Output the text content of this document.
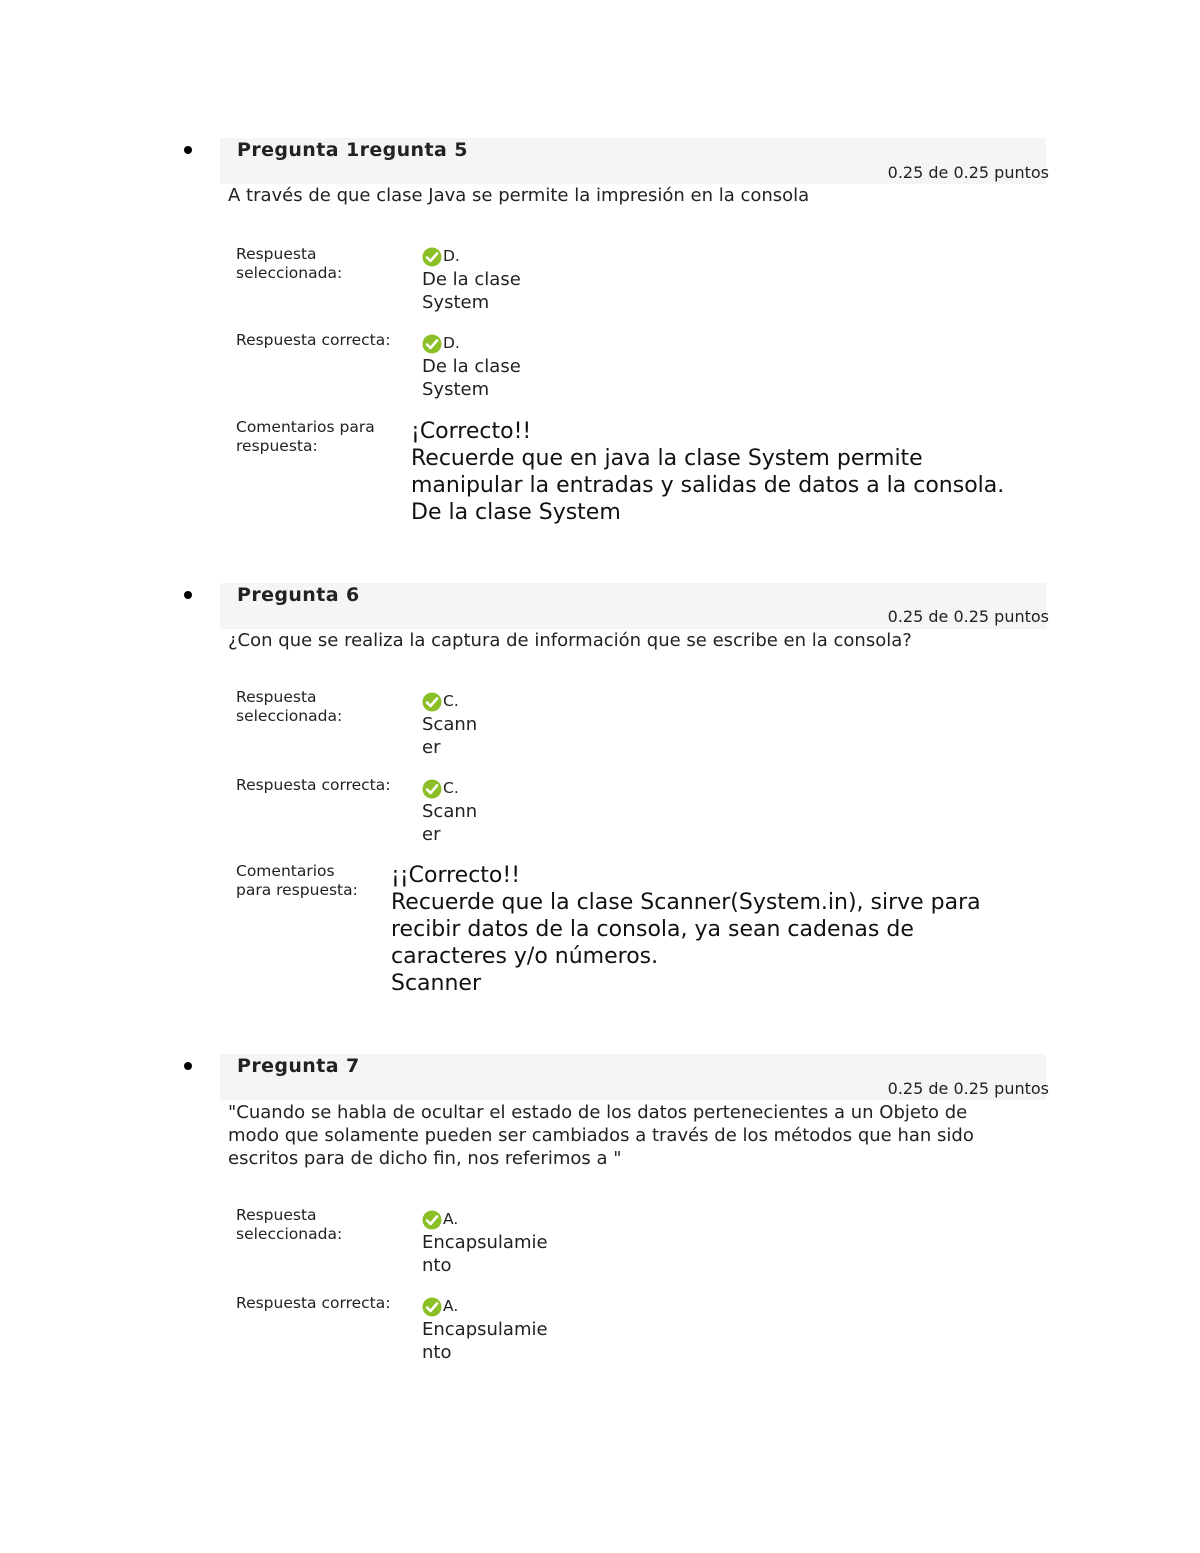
Pregunta 1regunta 5
0.25 de 0.25 puntos
A través de que clase Java se permite la impresión en la consola
Respuesta seleccionada:
D.
De la clase
System
Respuesta correcta:	D.
De la clase
System
Comentarios para respuesta:
¡Correcto!!
Recuerde que en java la clase System permite
manipular la entradas y salidas de datos a la consola.
De la clase System
Pregunta 6
0.25 de 0.25 puntos
¿Con que se realiza la captura de información que se escribe en la consola?
Respuesta seleccionada:
C.
Scann
er
Respuesta correcta:	C.
Scann
er
Comentarios para respuesta:
¡¡Correcto!!
Recuerde que la clase Scanner(System.in), sirve para
recibir datos de la consola, ya sean cadenas de
caracteres y/o números.
Scanner
Pregunta 7
0.25 de 0.25 puntos
"Cuando se habla de ocultar el estado de los datos pertenecientes a un Objeto de
modo que solamente pueden ser cambiados a través de los métodos que han sido
escritos para de dicho fin, nos referimos a "
Respuesta seleccionada:
A.
Encapsulamie
nto
Respuesta correcta:	A.
Encapsulamie
nto
